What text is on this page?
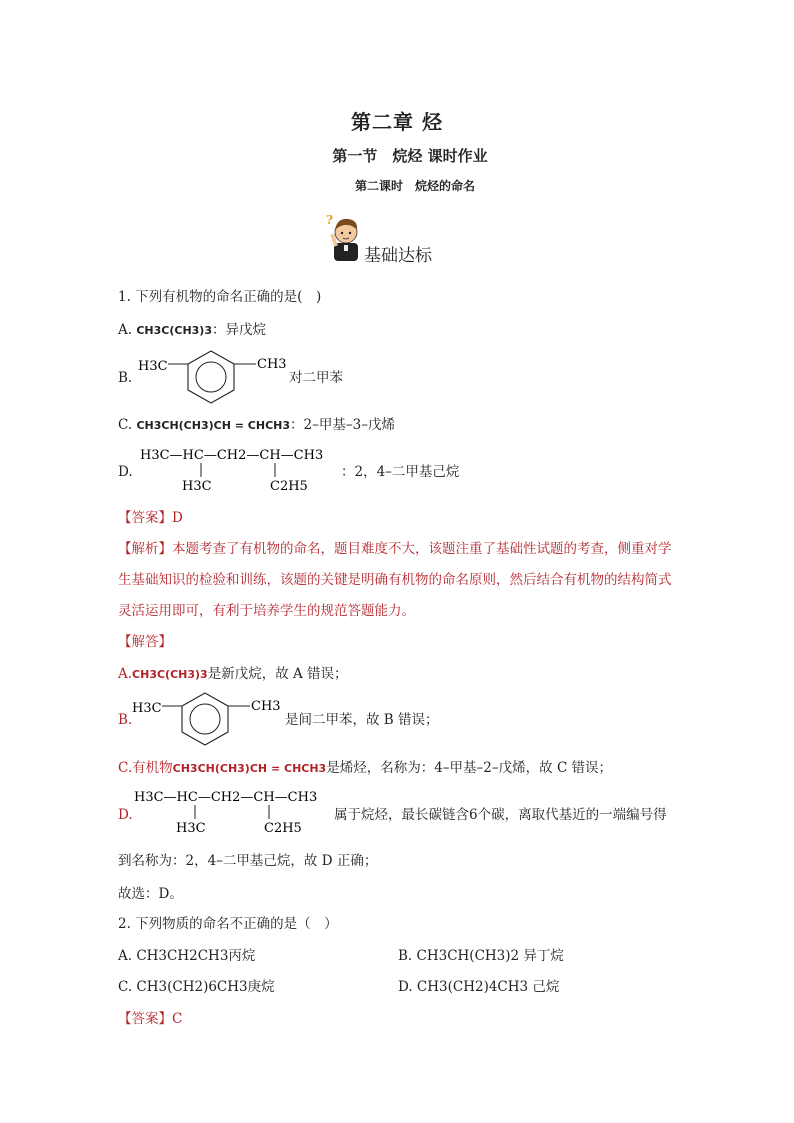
第二章 烃
第一节　烷烃 课时作业
第二课时　烷烃的命名
?
基础达标
1. 下列有机物的命名正确的是(　)
A. CH3C(CH3)3：异戊烷
B.
H3C	CH3
对二甲苯
C. CH3CH(CH3)CH = CHCH3：2–甲基–3–戊烯
D.
H3C—HC—CH2—CH—CH3
H3C	C2H5
：2，4–二甲基己烷
【答案】D
【解析】本题考查了有机物的命名，题目难度不大，该题注重了基础性试题的考查，侧重对学生基础知识的检验和训练，该题的关键是明确有机物的命名原则，然后结合有机物的结构简式灵活运用即可，有利于培养学生的规范答题能力。
【解答】
A.CH3C(CH3)3是新戊烷，故 A 错误；
B.
H3C	CH3
是间二甲苯，故 B 错误；
C.有机物CH3CH(CH3)CH = CHCH3是烯烃，名称为：4–甲基–2–戊烯，故 C 错误；
D.
H3C—HC—CH2—CH—CH3
H3C	C2H5
属于烷烃，最长碳链含6个碳，离取代基近的一端编号得
到名称为：2，4–二甲基己烷，故 D 正确；
故选：D。
2. 下列物质的命名不正确的是（　）
A. CH3CH2CH3丙烷	B. CH3CH(CH3)2 异丁烷
C. CH3(CH2)6CH3庚烷	D. CH3(CH2)4CH3 己烷
【答案】C
